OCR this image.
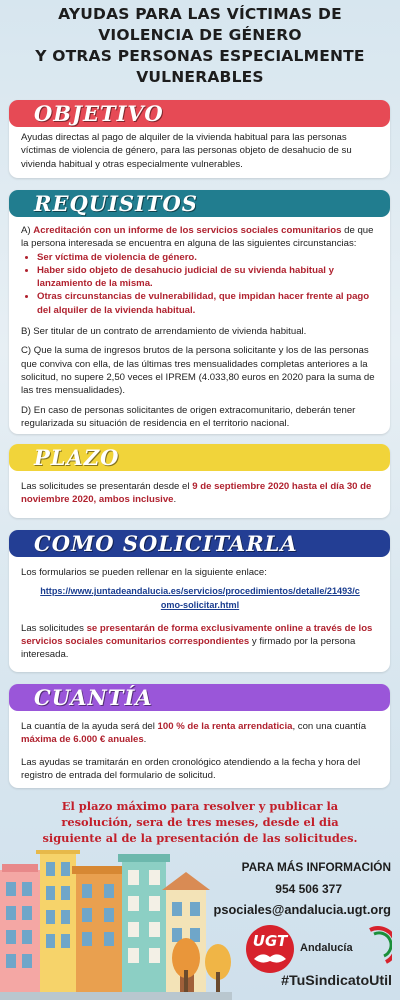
AYUDAS PARA LAS VÍCTIMAS DE
VIOLENCIA DE GÉNERO
Y OTRAS PERSONAS ESPECIALMENTE
VULNERABLES

Ayudas directas al pago de alquiler de la vivienda habitual para las personas víctimas de violencia de género, para las personas objeto de desahucio de su vivienda habitual y otras especialmente vulnerables.

OBJETIVO

A) Acreditación con un informe de los servicios sociales comunitarios de que la persona interesada se encuentra en alguna de las siguientes circunstancias:

• Ser víctima de violencia de género.
• Haber sido objeto de desahucio judicial de su vivienda habitual y lanzamiento de la misma.
• Otras circunstancias de vulnerabilidad, que impidan hacer frente al pago del alquiler de la vivienda habitual.

B) Ser titular de un contrato de arrendamiento de vivienda habitual.

C) Que la suma de ingresos brutos de la persona solicitante y los de las personas que conviva con ella, de las últimas tres mensualidades completas anteriores a la solicitud, no supere 2,50 veces el IPREM (4.033,80 euros en 2020 para la suma de las tres mensualidades).

D) En caso de personas solicitantes de origen extracomunitario, deberán tener regularizada su situación de residencia en el territorio nacional.

REQUISITOS

Las solicitudes se presentarán desde el 9 de septiembre 2020 hasta el día 30 de noviembre 2020, ambos inclusive.

PLAZO

Los formularios se pueden rellenar en la siguiente enlace:

https://www.juntadeandalucia.es/servicios/procedimientos/detalle/21493/c
omo-solicitar.html

Las solicitudes se presentarán de forma exclusivamente online a través de los servicios sociales comunitarios correspondientes y firmado por la persona interesada.

COMO SOLICITARLA

La cuantía de la ayuda será del 100 % de la renta arrendaticia, con una cuantía máxima de 6.000 € anuales.

Las ayudas se tramitarán en orden cronológico atendiendo a la fecha y hora del registro de entrada del formulario de solicitud.

CUANTÍA
El plazo máximo para resolver y publicar la resolución, sera de tres meses, desde el dia siguiente al de la presentación de las solicitudes.
PARA MÁS INFORMACIÓN
954 506 377
psociales@andalucia.ugt.org
UGT	Andalucía
#TuSindicatoUtil
